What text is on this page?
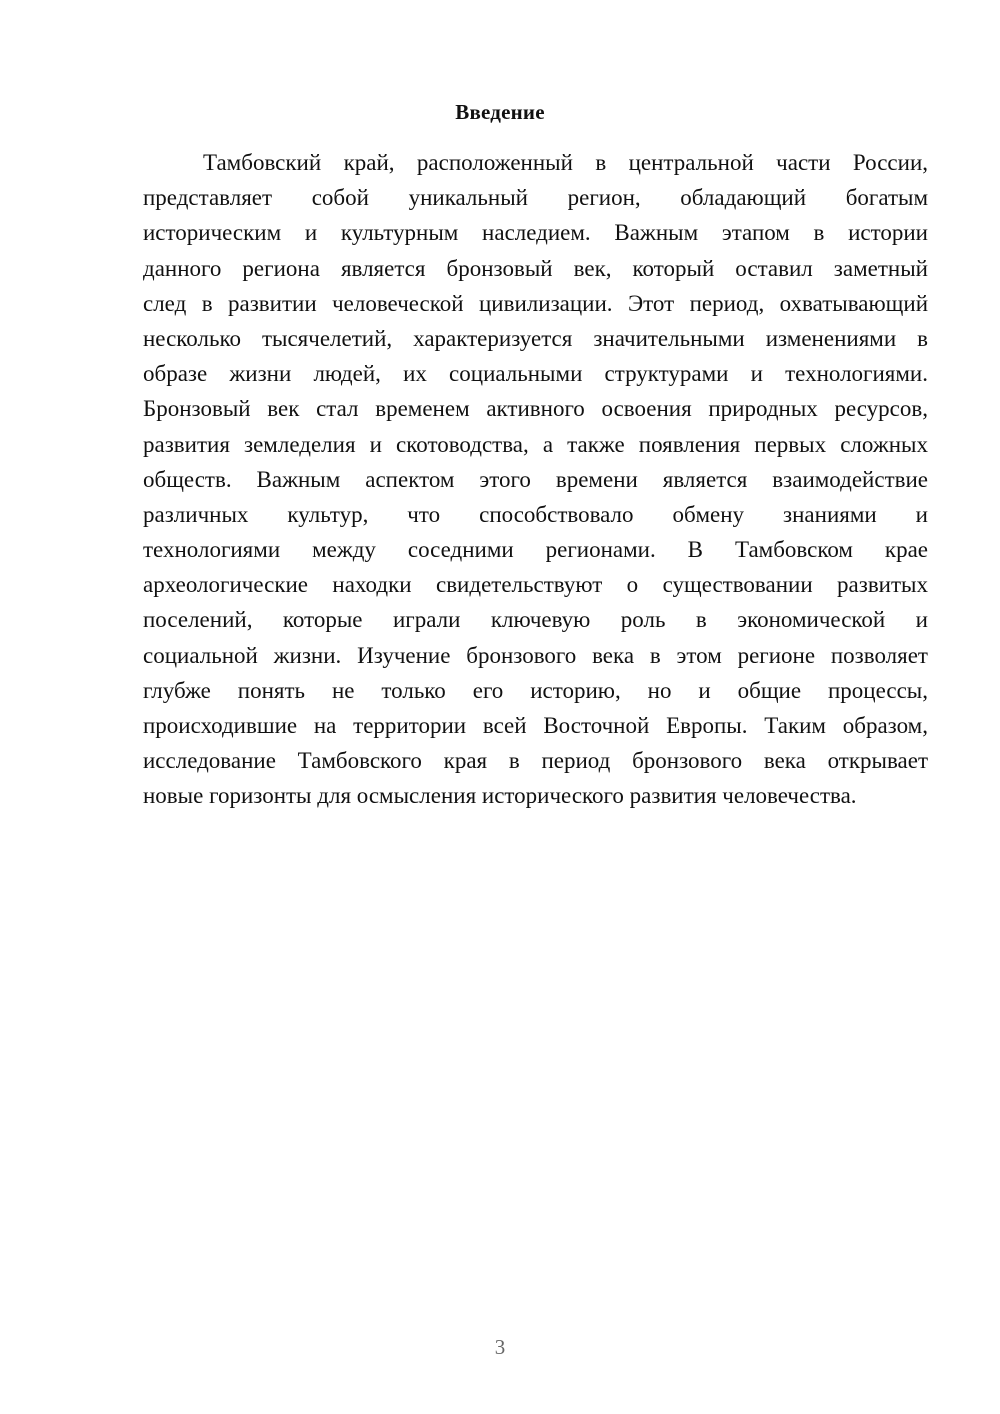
Введение
Тамбовский край, расположенный в центральной части России,
представляет собой уникальный регион, обладающий богатым
историческим и культурным наследием. Важным этапом в истории
данного региона является бронзовый век, который оставил заметный
след в развитии человеческой цивилизации. Этот период, охватывающий
несколько тысячелетий, характеризуется значительными изменениями в
образе жизни людей, их социальными структурами и технологиями.
Бронзовый век стал временем активного освоения природных ресурсов,
развития земледелия и скотоводства, а также появления первых сложных
обществ. Важным аспектом этого времени является взаимодействие
различных культур, что способствовало обмену знаниями и
технологиями между соседними регионами. В Тамбовском крае
археологические находки свидетельствуют о существовании развитых
поселений, которые играли ключевую роль в экономической и
социальной жизни. Изучение бронзового века в этом регионе позволяет
глубже понять не только его историю, но и общие процессы,
происходившие на территории всей Восточной Европы. Таким образом,
исследование Тамбовского края в период бронзового века открывает
новые горизонты для осмысления исторического развития человечества.
3
